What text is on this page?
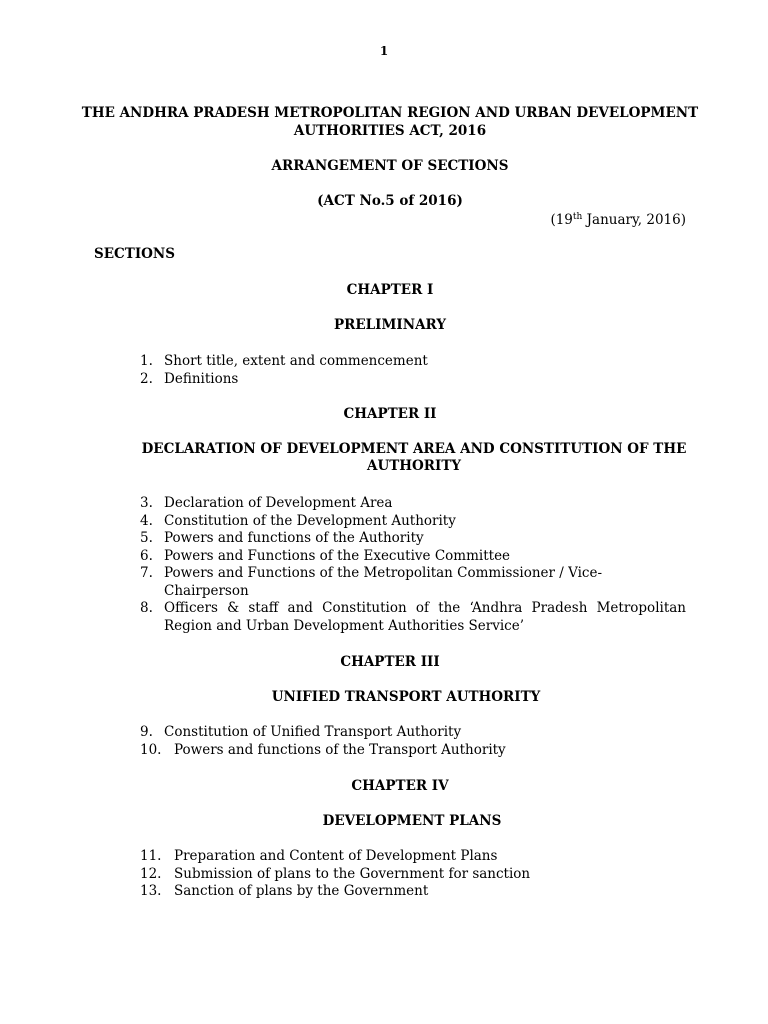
1
THE ANDHRA PRADESH METROPOLITAN REGION AND URBAN DEVELOPMENT AUTHORITIES ACT, 2016
ARRANGEMENT OF SECTIONS
(ACT No.5 of 2016)
(19th January, 2016)
SECTIONS
CHAPTER I
PRELIMINARY
1. Short title, extent and commencement
2. Definitions
CHAPTER II
DECLARATION OF DEVELOPMENT AREA AND CONSTITUTION OF THE AUTHORITY
3. Declaration of Development Area
4. Constitution of the Development Authority
5. Powers and functions of the Authority
6. Powers and Functions of the Executive Committee
7. Powers and Functions of the Metropolitan Commissioner / Vice-Chairperson
8. Officers & staff and Constitution of the ‘Andhra Pradesh Metropolitan Region and Urban Development Authorities Service’
CHAPTER III
UNIFIED TRANSPORT AUTHORITY
9. Constitution of Unified Transport Authority
10. Powers and functions of the Transport Authority
CHAPTER IV
DEVELOPMENT PLANS
11. Preparation and Content of Development Plans
12. Submission of plans to the Government for sanction
13. Sanction of plans by the Government
